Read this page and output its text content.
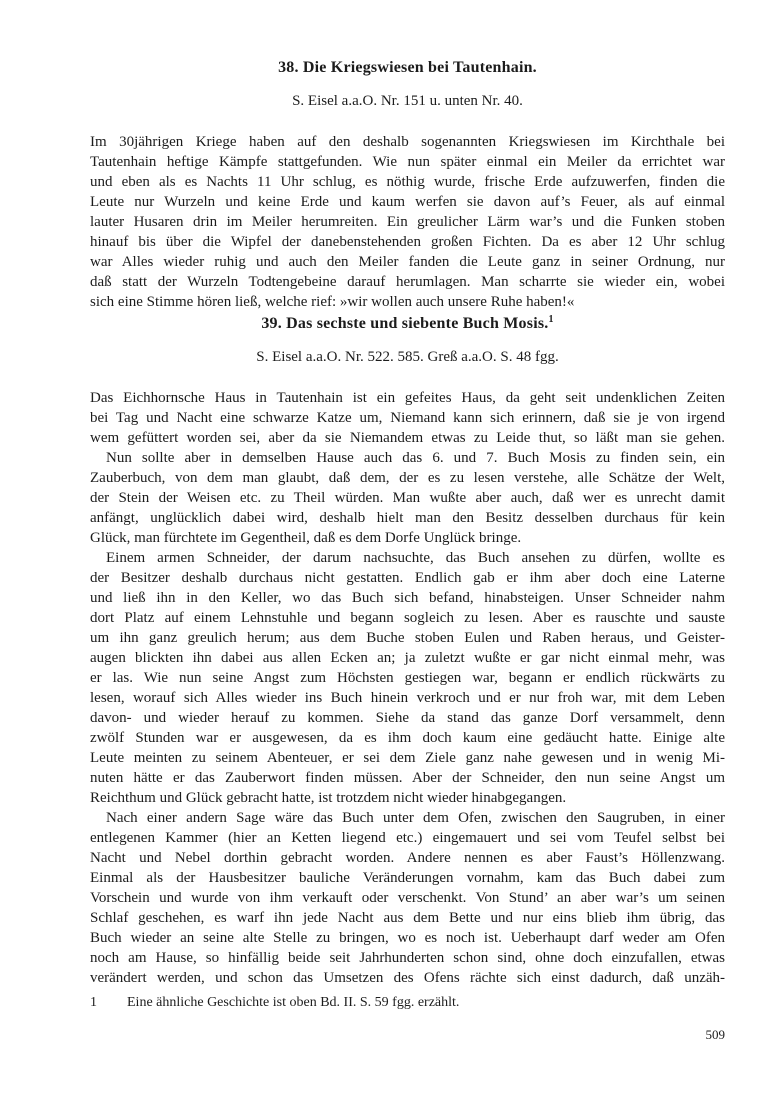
38. Die Kriegswiesen bei Tautenhain.
S. Eisel a.a.O. Nr. 151 u. unten Nr. 40.
Im 30jährigen Kriege haben auf den deshalb sogenannten Kriegswiesen im Kirchthale bei
Tautenhain heftige Kämpfe stattgefunden. Wie nun später einmal ein Meiler da errichtet war
und eben als es Nachts 11 Uhr schlug, es nöthig wurde, frische Erde aufzuwerfen, finden die
Leute nur Wurzeln und keine Erde und kaum werfen sie davon auf’s Feuer, als auf einmal
lauter Husaren drin im Meiler herumreiten. Ein greulicher Lärm war’s und die Funken stoben
hinauf bis über die Wipfel der danebenstehenden großen Fichten. Da es aber 12 Uhr schlug
war Alles wieder ruhig und auch den Meiler fanden die Leute ganz in seiner Ordnung, nur
daß statt der Wurzeln Todtengebeine darauf herumlagen. Man scharrte sie wieder ein, wobei
sich eine Stimme hören ließ, welche rief: »wir wollen auch unsere Ruhe haben!«
39. Das sechste und siebente Buch Mosis.$^1$
S. Eisel a.a.O. Nr. 522. 585. Greß a.a.O. S. 48 fgg.
Das Eichhornsche Haus in Tautenhain ist ein gefeites Haus, da geht seit undenklichen Zeiten
bei Tag und Nacht eine schwarze Katze um, Niemand kann sich erinnern, daß sie je von irgend
wem gefüttert worden sei, aber da sie Niemandem etwas zu Leide thut, so läßt man sie gehen.
Nun sollte aber in demselben Hause auch das 6. und 7. Buch Mosis zu finden sein, ein
Zauberbuch, von dem man glaubt, daß dem, der es zu lesen verstehe, alle Schätze der Welt,
der Stein der Weisen etc. zu Theil würden. Man wußte aber auch, daß wer es unrecht damit
anfängt, unglücklich dabei wird, deshalb hielt man den Besitz desselben durchaus für kein
Glück, man fürchtete im Gegentheil, daß es dem Dorfe Unglück bringe.
Einem armen Schneider, der darum nachsuchte, das Buch ansehen zu dürfen, wollte es
der Besitzer deshalb durchaus nicht gestatten. Endlich gab er ihm aber doch eine Laterne
und ließ ihn in den Keller, wo das Buch sich befand, hinabsteigen. Unser Schneider nahm
dort Platz auf einem Lehnstuhle und begann sogleich zu lesen. Aber es rauschte und sauste
um ihn ganz greulich herum; aus dem Buche stoben Eulen und Raben heraus, und Geister-
augen blickten ihn dabei aus allen Ecken an; ja zuletzt wußte er gar nicht einmal mehr, was
er las. Wie nun seine Angst zum Höchsten gestiegen war, begann er endlich rückwärts zu
lesen, worauf sich Alles wieder ins Buch hinein verkroch und er nur froh war, mit dem Leben
davon- und wieder herauf zu kommen. Siehe da stand das ganze Dorf versammelt, denn
zwölf Stunden war er ausgewesen, da es ihm doch kaum eine gedäucht hatte. Einige alte
Leute meinten zu seinem Abenteuer, er sei dem Ziele ganz nahe gewesen und in wenig Mi-
nuten hätte er das Zauberwort finden müssen. Aber der Schneider, den nun seine Angst um
Reichthum und Glück gebracht hatte, ist trotzdem nicht wieder hinabgegangen.
Nach einer andern Sage wäre das Buch unter dem Ofen, zwischen den Saugruben, in einer
entlegenen Kammer (hier an Ketten liegend etc.) eingemauert und sei vom Teufel selbst bei
Nacht und Nebel dorthin gebracht worden. Andere nennen es aber Faust’s Höllenzwang.
Einmal als der Hausbesitzer bauliche Veränderungen vornahm, kam das Buch dabei zum
Vorschein und wurde von ihm verkauft oder verschenkt. Von Stund’ an aber war’s um seinen
Schlaf geschehen, es warf ihn jede Nacht aus dem Bette und nur eins blieb ihm übrig, das
Buch wieder an seine alte Stelle zu bringen, wo es noch ist. Ueberhaupt darf weder am Ofen
noch am Hause, so hinfällig beide seit Jahrhunderten schon sind, ohne doch einzufallen, etwas
verändert werden, und schon das Umsetzen des Ofens rächte sich einst dadurch, daß unzäh-
1	Eine ähnliche Geschichte ist oben Bd. II. S. 59 fgg. erzählt.
509
